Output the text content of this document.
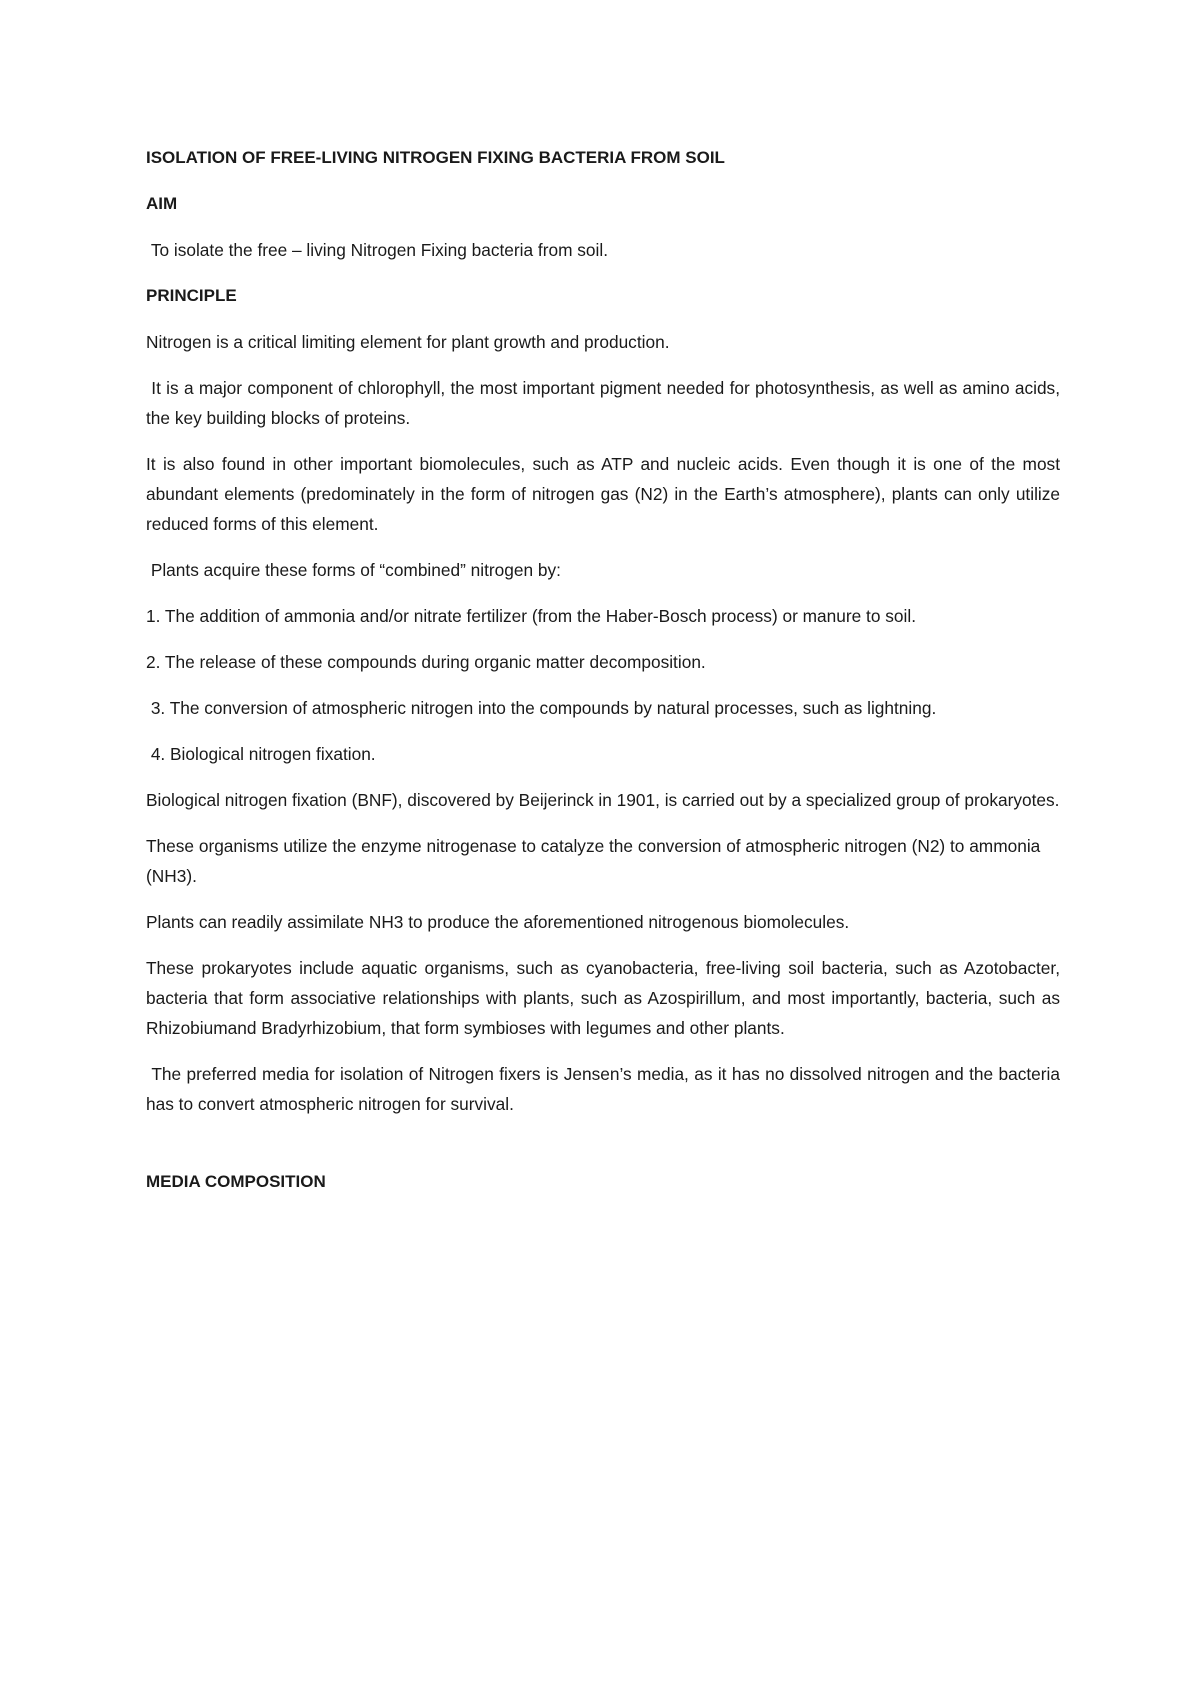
ISOLATION OF FREE-LIVING NITROGEN FIXING BACTERIA FROM SOIL
AIM
To isolate the free – living Nitrogen Fixing bacteria from soil.
PRINCIPLE
Nitrogen is a critical limiting element for plant growth and production.
It is a major component of chlorophyll, the most important pigment needed for photosynthesis, as well as amino acids, the key building blocks of proteins.
It is also found in other important biomolecules, such as ATP and nucleic acids. Even though it is one of the most abundant elements (predominately in the form of nitrogen gas (N2) in the Earth’s atmosphere), plants can only utilize reduced forms of this element.
Plants acquire these forms of “combined” nitrogen by:
1. The addition of ammonia and/or nitrate fertilizer (from the Haber-Bosch process) or manure to soil.
2. The release of these compounds during organic matter decomposition.
3. The conversion of atmospheric nitrogen into the compounds by natural processes, such as lightning.
4. Biological nitrogen fixation.
Biological nitrogen fixation (BNF), discovered by Beijerinck in 1901, is carried out by a specialized group of prokaryotes.
These organisms utilize the enzyme nitrogenase to catalyze the conversion of atmospheric nitrogen (N2) to ammonia (NH3).
Plants can readily assimilate NH3 to produce the aforementioned nitrogenous biomolecules.
These prokaryotes include aquatic organisms, such as cyanobacteria, free-living soil bacteria, such as Azotobacter, bacteria that form associative relationships with plants, such as Azospirillum, and most importantly, bacteria, such as Rhizobiumand Bradyrhizobium, that form symbioses with legumes and other plants.
The preferred media for isolation of Nitrogen fixers is Jensen’s media, as it has no dissolved nitrogen and the bacteria has to convert atmospheric nitrogen for survival.
MEDIA COMPOSITION
